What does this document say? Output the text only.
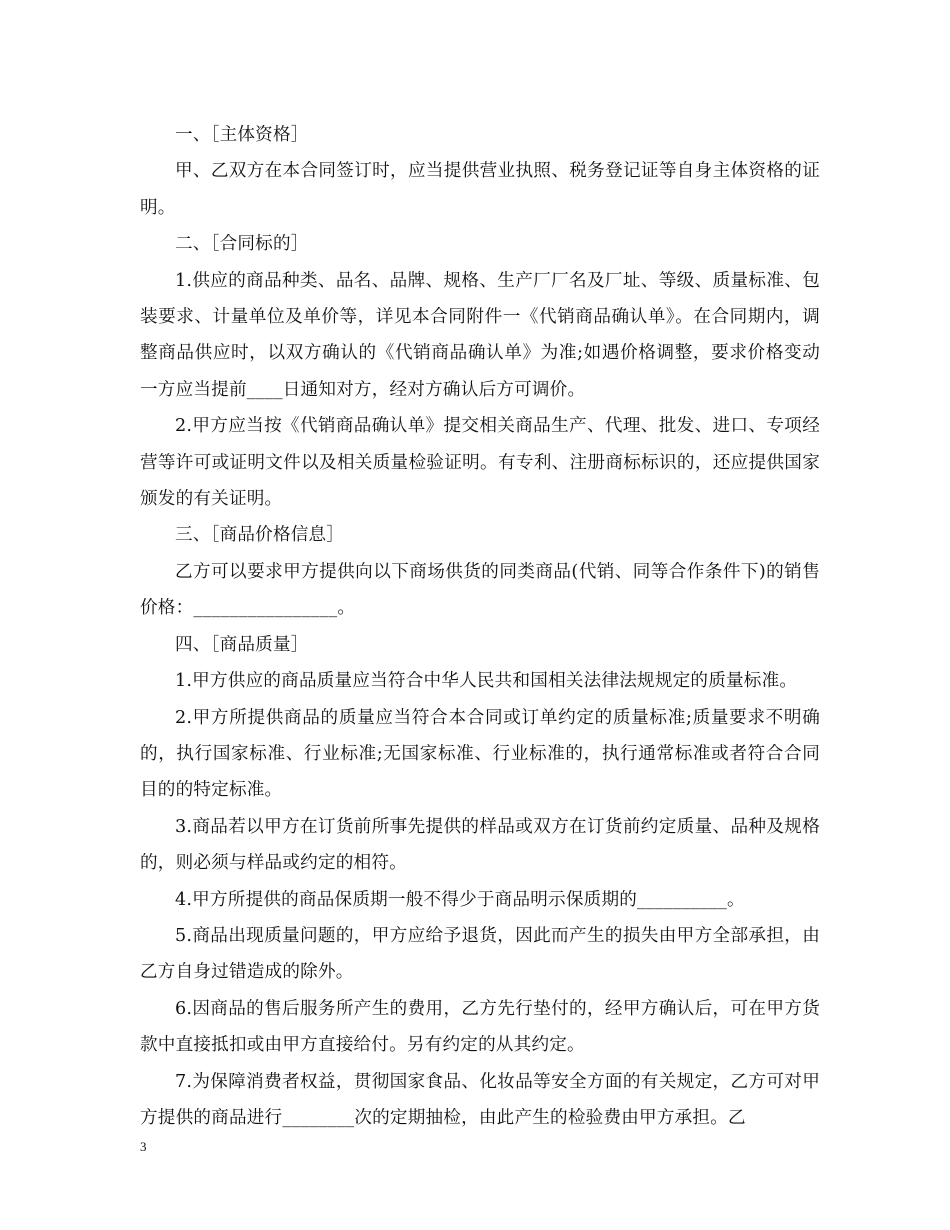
一、［主体资格］

甲、乙双方在本合同签订时，应当提供营业执照、税务登记证等自身主体资格的证明。

二、［合同标的］

1.供应的商品种类、品名、品牌、规格、生产厂厂名及厂址、等级、质量标准、包装要求、计量单位及单价等，详见本合同附件一《代销商品确认单》。在合同期内，调整商品供应时，以双方确认的《代销商品确认单》为准;如遇价格调整，要求价格变动一方应当提前____日通知对方，经对方确认后方可调价。

2.甲方应当按《代销商品确认单》提交相关商品生产、代理、批发、进口、专项经营等许可或证明文件以及相关质量检验证明。有专利、注册商标标识的，还应提供国家颁发的有关证明。

三、［商品价格信息］

乙方可以要求甲方提供向以下商场供货的同类商品(代销、同等合作条件下)的销售价格：________________。

四、［商品质量］

1.甲方供应的商品质量应当符合中华人民共和国相关法律法规规定的质量标准。

2.甲方所提供商品的质量应当符合本合同或订单约定的质量标准;质量要求不明确的，执行国家标准、行业标准;无国家标准、行业标准的，执行通常标准或者符合合同目的的特定标准。

3.商品若以甲方在订货前所事先提供的样品或双方在订货前约定质量、品种及规格的，则必须与样品或约定的相符。

4.甲方所提供的商品保质期一般不得少于商品明示保质期的__________。

5.商品出现质量问题的，甲方应给予退货，因此而产生的损失由甲方全部承担，由乙方自身过错造成的除外。

6.因商品的售后服务所产生的费用，乙方先行垫付的，经甲方确认后，可在甲方货款中直接抵扣或由甲方直接给付。另有约定的从其约定。

7.为保障消费者权益，贯彻国家食品、化妆品等安全方面的有关规定，乙方可对甲方提供的商品进行________次的定期抽检，由此产生的检验费由甲方承担。乙

3
